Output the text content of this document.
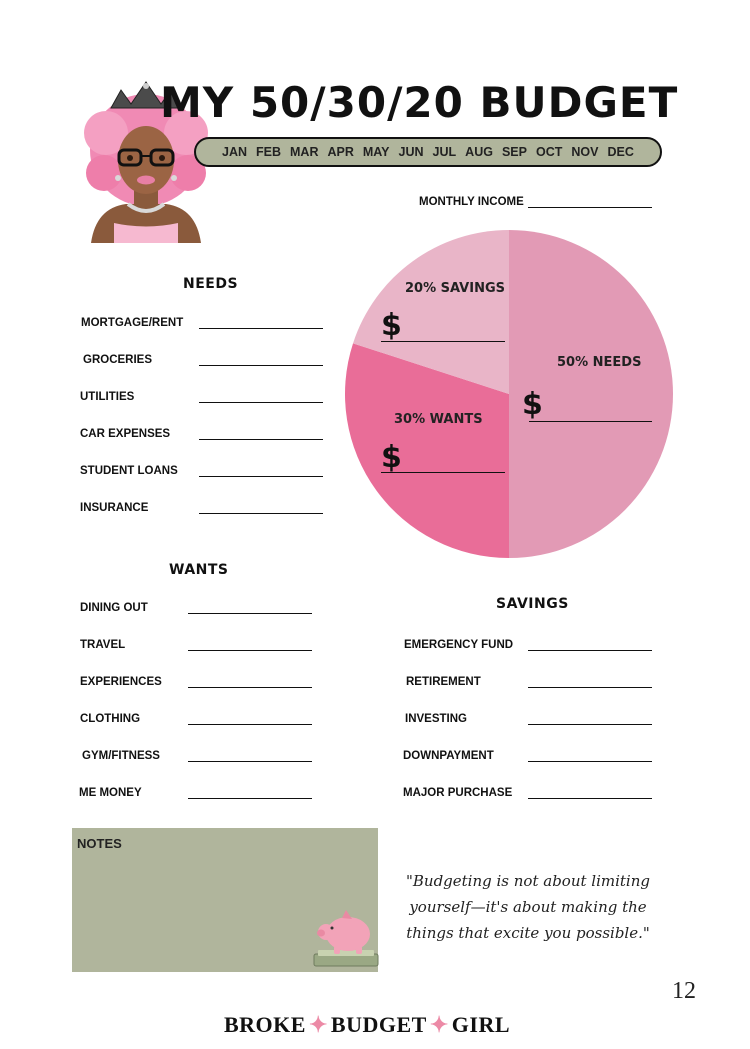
MY 50/30/20 BUDGET
JAN FEB MAR APR MAY JUN JUL AUG SEP OCT NOV DEC
MONTHLY INCOME
NEEDS
MORTGAGE/RENT
GROCERIES
UTILITIES
CAR EXPENSES
STUDENT LOANS
INSURANCE
20% SAVINGS
$
50% NEEDS
$
30% WANTS
$
WANTS
DINING OUT
TRAVEL
EXPERIENCES
CLOTHING
GYM/FITNESS
ME MONEY
SAVINGS
EMERGENCY FUND
RETIREMENT
INVESTING
DOWNPAYMENT
MAJOR PURCHASE
NOTES
"Budgeting is not about limiting yourself—it's about making the things that excite you possible."
12
BROKE ✦ BUDGET ✦ GIRL
